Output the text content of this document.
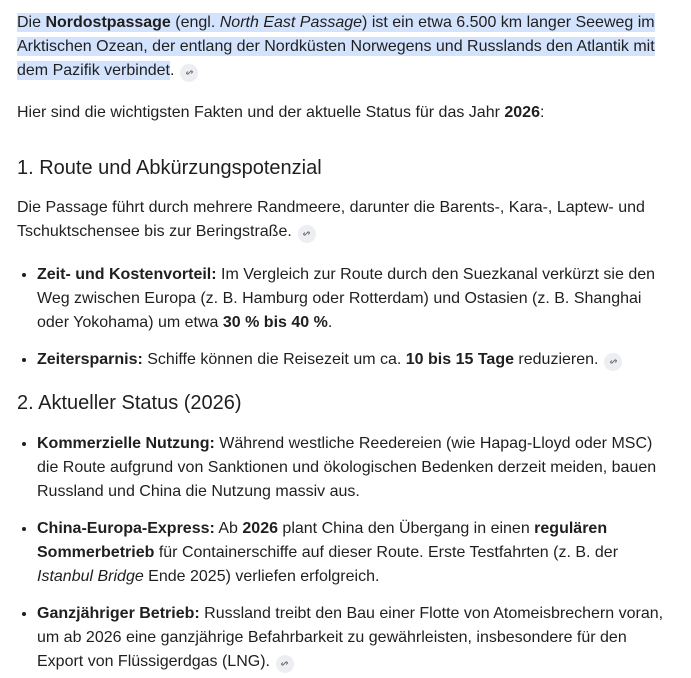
Die Nordostpassage (engl. North East Passage) ist ein etwa 6.500 km langer Seeweg im Arktischen Ozean, der entlang der Nordküsten Norwegens und Russlands den Atlantik mit dem Pazifik verbindet.

Hier sind die wichtigsten Fakten und der aktuelle Status für das Jahr 2026:

1. Route und Abkürzungspotenzial

Die Passage führt durch mehrere Randmeere, darunter die Barents-, Kara-, Laptew- und Tschuktschensee bis zur Beringstraße.

• Zeit- und Kostenvorteil: Im Vergleich zur Route durch den Suezkanal verkürzt sie den Weg zwischen Europa (z. B. Hamburg oder Rotterdam) und Ostasien (z. B. Shanghai oder Yokohama) um etwa 30 % bis 40 %.
• Zeitersparnis: Schiffe können die Reisezeit um ca. 10 bis 15 Tage reduzieren.
2. Aktueller Status (2026)
• Kommerzielle Nutzung: Während westliche Reedereien (wie Hapag-Lloyd oder MSC) die Route aufgrund von Sanktionen und ökologischen Bedenken derzeit meiden, bauen Russland und China die Nutzung massiv aus.
• China-Europa-Express: Ab 2026 plant China den Übergang in einen regulären Sommerbetrieb für Containerschiffe auf dieser Route. Erste Testfahrten (z. B. der Istanbul Bridge Ende 2025) verliefen erfolgreich.
• Ganzjähriger Betrieb: Russland treibt den Bau einer Flotte von Atomeisbrechern voran, um ab 2026 eine ganzjährige Befahrbarkeit zu gewährleisten, insbesondere für den Export von Flüssigerdgas (LNG).
